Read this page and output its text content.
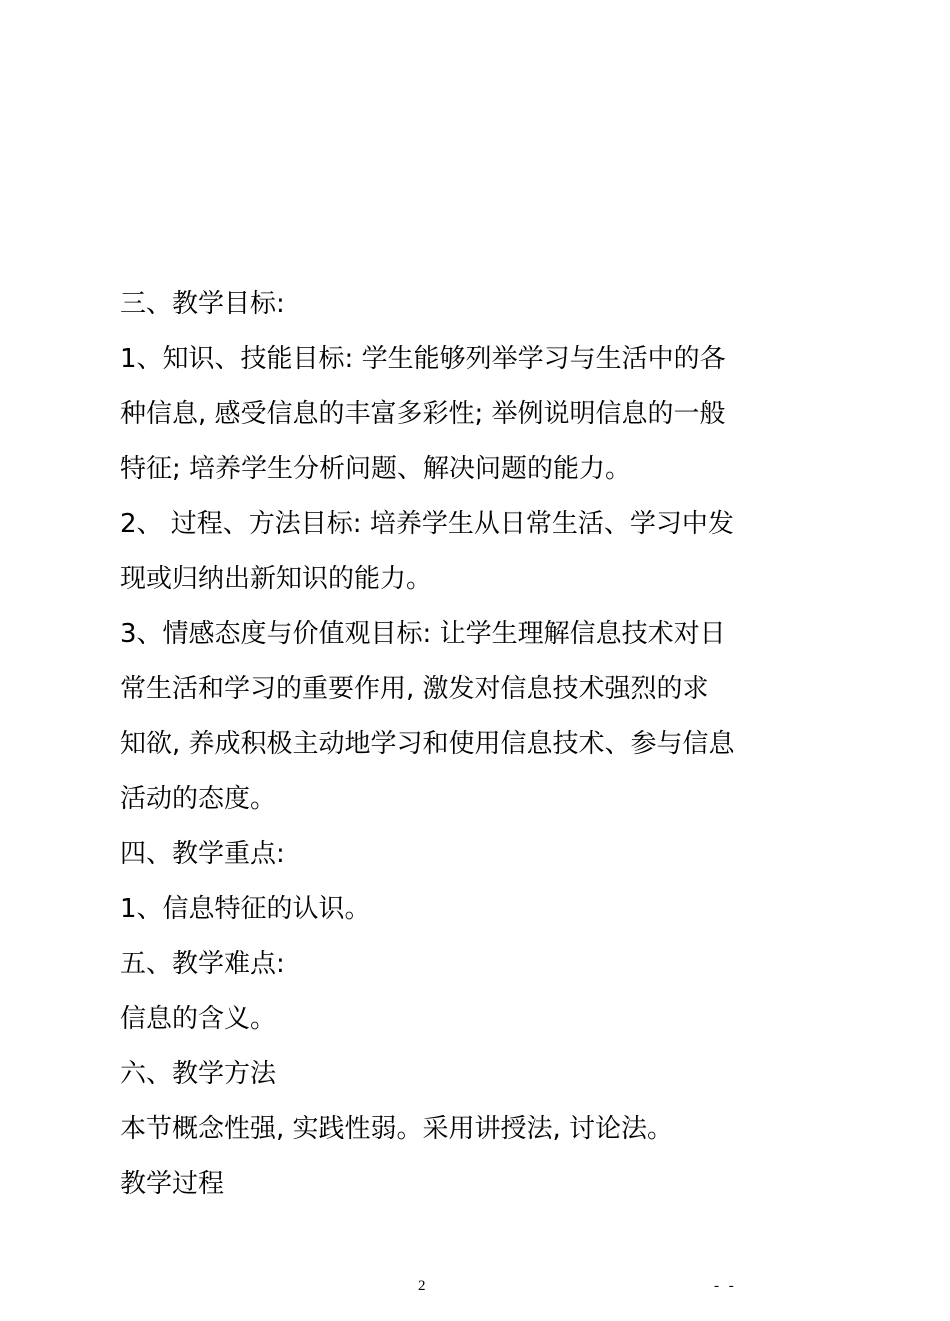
三、教学目标:
1、知识、技能目标: 学生能够列举学习与生活中的各
种信息, 感受信息的丰富多彩性; 举例说明信息的一般
特征; 培养学生分析问题、解决问题的能力。
2、 过程、方法目标: 培养学生从日常生活、学习中发
现或归纳出新知识的能力。
3、情感态度与价值观目标: 让学生理解信息技术对日
常生活和学习的重要作用, 激发对信息技术强烈的求
知欲, 养成积极主动地学习和使用信息技术、参与信息
活动的态度。
四、教学重点:
1、信息特征的认识。
五、教学难点:
信息的含义。
六、教学方法
本节概念性强, 实践性弱。采用讲授法, 讨论法。
教学过程
2	- -
